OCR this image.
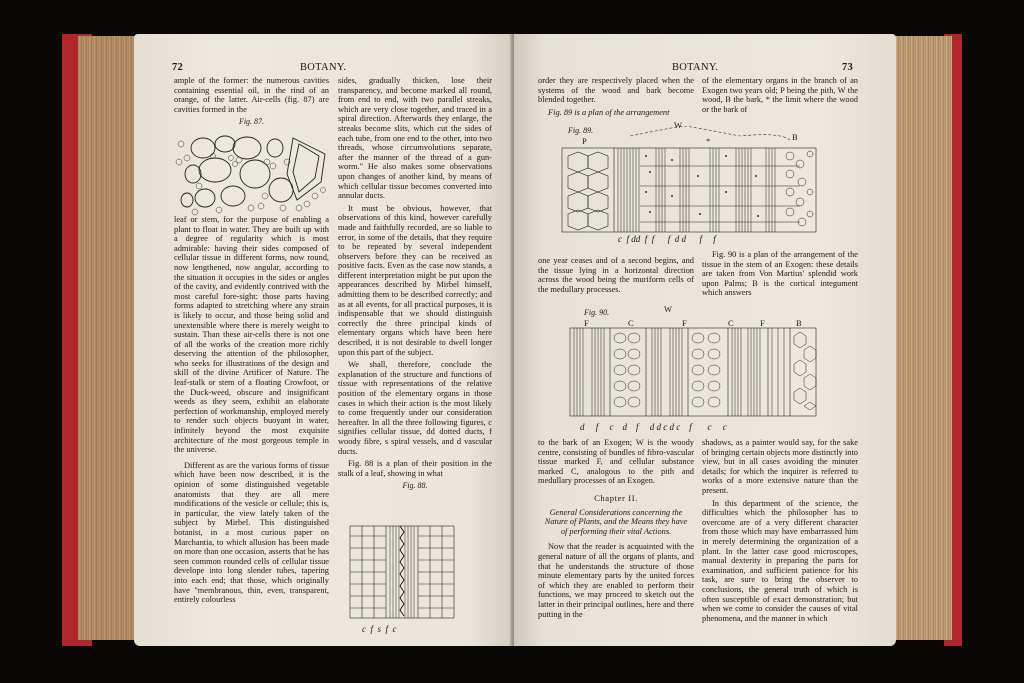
72	BOTANY.

ample of the former: the numerous cavities containing essential oil, in the rind of an orange, of the latter. Air-cells (fig. 87) are cavities formed in the

Fig. 87.

leaf or stem, for the purpose of enabling a plant to float in water. They are built up with a degree of regularity which is most admirable: having their sides composed of cellular tissue in different forms, now round, now lengthened, now angular, according to the situation it occupies in the sides or angles of the cavity, and evidently contrived with the most careful fore-sight: those parts having forms adapted to stretching where any strain is likely to occur, and those being solid and unextensible where there is merely weight to sustain. Than these air-cells there is not one of all the works of the creation more richly deserving the attention of the philosopher, who seeks for illustrations of the design and skill of the divine Artificer of Nature. The leaf-stalk or stem of a floating Crowfoot, or the Duck-weed, obscure and insignificant weeds as they seem, exhibit an elaborate perfection of workmanship, employed merely to render such objects buoyant in water, infinitely beyond the most exquisite architecture of the most gorgeous temple in the universe.

Different as are the various forms of tissue which have been now described, it is the opinion of some distinguished vegetable anatomists that they are all mere modifications of the vesicle or cellule; this is, in particular, the view lately taken of the subject by Mirbel. This distinguished botanist, in a most curious paper on Marchantia, to which allusion has been made on more than one occasion, asserts that he has seen common rounded cells of cellular tissue develope into long slender tubes, tapering into each end; that those, which originally have "membranous, thin, even, transparent, entirely colourless

sides, gradually thicken, lose their transparency, and become marked all round, from end to end, with two parallel streaks, which are very close together, and traced in a spiral direction. Afterwards they enlarge, the streaks become slits, which cut the sides of each tube, from one end to the other, into two threads, whose circumvolutions separate, after the manner of the thread of a gun-worm." He also makes some observations upon changes of another kind, by means of which cellular tissue becomes converted into annular ducts.

It must be obvious, however, that observations of this kind, however carefully made and faithfully recorded, are so liable to error, in some of the details, that they require to be repeated by several independent observers before they can be received as positive facts. Even as the case now stands, a different interpretation might be put upon the appearances described by Mirbel himself, admitting them to be described correctly; and as at all events, for all practical purposes, it is indispensable that we should distinguish correctly the three principal kinds of elementary organs which have been here described, it is not desirable to dwell longer upon this part of the subject.

We shall, therefore, conclude the explanation of the structure and functions of tissue with representations of the relative position of the elementary organs in those cases in which their action is the most likely to come frequently under our consideration hereafter. In all the three following figures, c signifies cellular tissue, dd dotted ducts, f woody fibre, s spiral vessels, and d vascular ducts.

Fig. 88 is a plan of their position in the stalk of a leaf, showing in what

Fig. 88.
c  f  s  f  c
BOTANY.	73

order they are respectively placed when the systems of the wood and bark become blended together.

Fig. 89 is a plan of the arrangement

of the elementary organs in the branch of an Exogen two years old; P being the pith, W the wood, B the bark, * the limit where the wood or the bark of

Fig. 89.
W
P	B
*
c  f dd  f  f      f  d d      f     f

one year ceases and of a second begins, and the tissue lying in a horizontal direction across the wood being the muriform cells of the medullary processes.

Fig. 90 is a plan of the arrangement of the tissue in the stem of an Exogen: these details are taken from Von Martius' splendid work upon Palms; B is the cortical integument which answers

Fig. 90.	W
F	C	F	C	F	B
d     f     c    d    f     d d c d c    f       c     c

to the bark of an Exogen; W is the woody centre, consisting of bundles of fibro-vascular tissue marked F, and cellular substance marked C, analogous to the pith and medullary processes of an Exogen.

Chapter II.
General Considerations concerning the Nature of Plants, and the Means they have of performing their vital Actions.

Now that the reader is acquainted with the general nature of all the organs of plants, and that he understands the structure of those minute elementary parts by the united forces of which they are enabled to perform their functions, we may proceed to sketch out the latter in their principal outlines, here and there putting in the

shadows, as a painter would say, for the sake of bringing certain objects more distinctly into view, but in all cases avoiding the minuter details; for which the inquirer is referred to works of a more extensive nature than the present.

In this department of the science, the difficulties which the philosopher has to overcome are of a very different character from those which may have embarrassed him in merely determining the organization of a plant. In the latter case good microscopes, manual dexterity in preparing the parts for examination, and sufficient patience for his task, are sure to bring the observer to conclusions, the general truth of which is often susceptible of exact demonstration; but when we come to consider the causes of vital phenomena, and the manner in which
